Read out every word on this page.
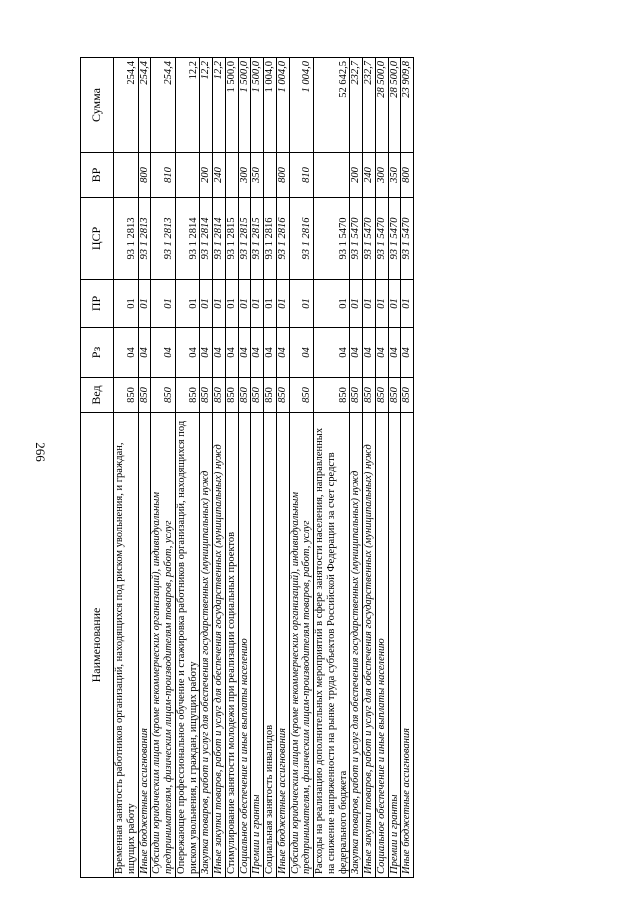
266
Наименование	Вед	Рз	ПР	ЦСР	ВР	Сумма
Временная занятость работников организаций, находящихся под риском увольнения, и граждан, ищущих работу	850	04	01	93 1 2813		254,4
Иные бюджетные ассигнования	850	04	01	93 1 2813	800	254,4
Субсидии юридическим лицам (кроме некоммерческих организаций), индивидуальным предпринимателям, физическим лицам-производителям товаров, работ, услуг	850	04	01	93 1 2813	810	254,4
Опережающее профессиональное обучение и стажировка работников организаций, находящихся под риском увольнения, и граждан, ищущих работу	850	04	01	93 1 2814		12,2
Закупка товаров, работ и услуг для обеспечения государственных (муниципальных) нужд	850	04	01	93 1 2814	200	12,2
Иные закупки товаров, работ и услуг для обеспечения государственных (муниципальных) нужд	850	04	01	93 1 2814	240	12,2
Стимулирование занятости молодежи при реализации социальных проектов	850	04	01	93 1 2815		1 500,0
Социальное обеспечение и иные выплаты населению	850	04	01	93 1 2815	300	1 500,0
Премии и гранты	850	04	01	93 1 2815	350	1 500,0
Социальная занятость инвалидов	850	04	01	93 1 2816		1 004,0
Иные бюджетные ассигнования	850	04	01	93 1 2816	800	1 004,0
Субсидии юридическим лицам (кроме некоммерческих организаций), индивидуальным предпринимателям, физическим лицам-производителям товаров, работ, услуг	850	04	01	93 1 2816	810	1 004,0
Расходы на реализацию дополнительных мероприятий в сфере занятости населения, направленных на снижение напряженности на рынке труда субъектов Российской Федерации за счет средств федерального бюджета	850	04	01	93 1 5470		52 642,5
Закупка товаров, работ и услуг для обеспечения государственных (муниципальных) нужд	850	04	01	93 1 5470	200	232,7
Иные закупки товаров, работ и услуг для обеспечения государственных (муниципальных) нужд	850	04	01	93 1 5470	240	232,7
Социальное обеспечение и иные выплаты населению	850	04	01	93 1 5470	300	28 500,0
Премии и гранты	850	04	01	93 1 5470	350	28 500,0
Иные бюджетные ассигнования	850	04	01	93 1 5470	800	23 909,8
